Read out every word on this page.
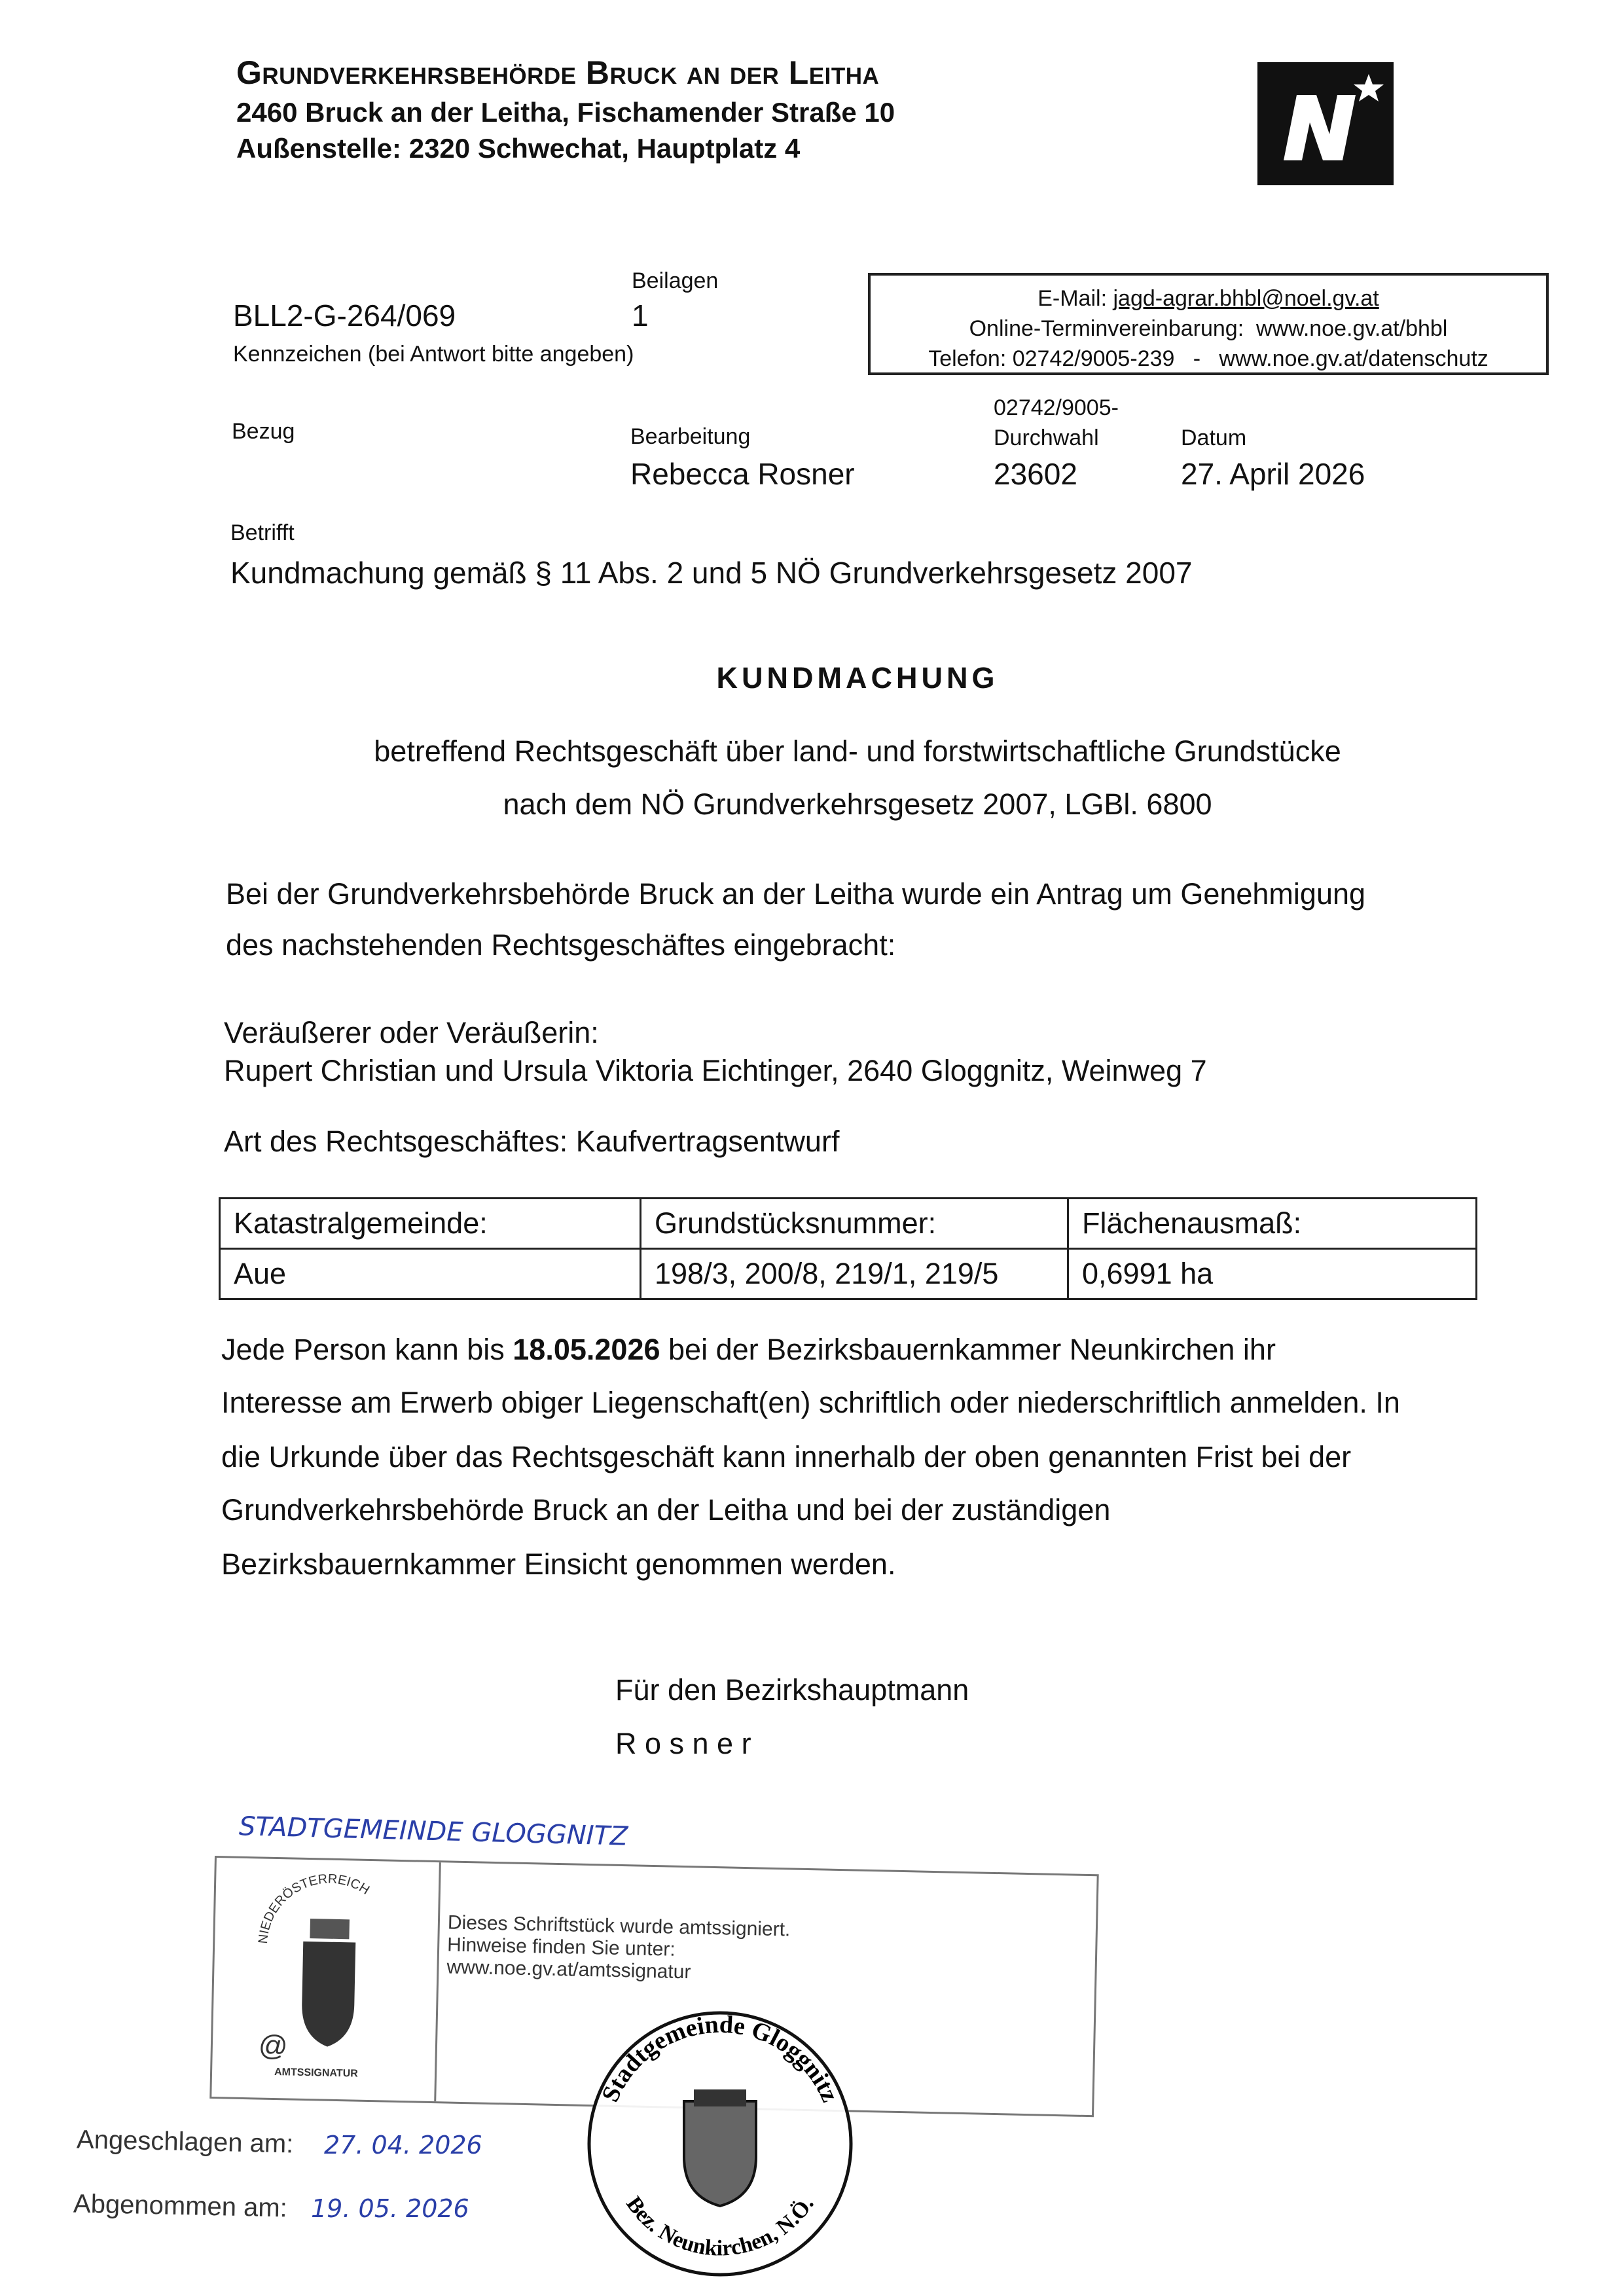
Grundverkehrsbehörde Bruck an der Leitha
2460 Bruck an der Leitha, Fischamender Straße 10
Außenstelle: 2320 Schwechat, Hauptplatz 4
Beilagen
1
BLL2-G-264/069
Kennzeichen (bei Antwort bitte angeben)
E-Mail: jagd-agrar.bhbl@noel.gv.at
Online-Terminvereinbarung:  www.noe.gv.at/bhbl
Telefon: 02742/9005-239   -   www.noe.gv.at/datenschutz
Bezug	Bearbeitung
Rebecca Rosner
02742/9005-
Durchwahl
23602
Datum
27. April 2026
Betrifft
Kundmachung gemäß § 11 Abs. 2 und 5 NÖ Grundverkehrsgesetz 2007
KUNDMACHUNG
betreffend Rechtsgeschäft über land- und forstwirtschaftliche Grundstücke
nach dem NÖ Grundverkehrsgesetz 2007, LGBl. 6800
Bei der Grundverkehrsbehörde Bruck an der Leitha wurde ein Antrag um Genehmigung
des nachstehenden Rechtsgeschäftes eingebracht:
Veräußerer oder Veräußerin:
Rupert Christian und Ursula Viktoria Eichtinger, 2640 Gloggnitz, Weinweg 7
Art des Rechtsgeschäftes: Kaufvertragsentwurf
Katastralgemeinde:	Grundstücksnummer:	Flächenausmaß:
Aue	198/3, 200/8, 219/1, 219/5	0,6991 ha
Jede Person kann bis 18.05.2026 bei der Bezirksbauernkammer Neunkirchen ihr
Interesse am Erwerb obiger Liegenschaft(en) schriftlich oder niederschriftlich anmelden. In
die Urkunde über das Rechtsgeschäft kann innerhalb der oben genannten Frist bei der
Grundverkehrsbehörde Bruck an der Leitha und bei der zuständigen
Bezirksbauernkammer Einsicht genommen werden.
Für den Bezirkshauptmann
R o s n e r
STADTGEMEINDE GLOGGNITZ
NIEDERÖSTERREICH
@
AMTSSIGNATUR
Dieses Schriftstück wurde amtssigniert.
Hinweise finden Sie unter:
www.noe.gv.at/amtssignatur
Stadtgemeinde Gloggnitz
Bez. Neunkirchen, N.Ö.
Angeschlagen am: 27. 04. 2026
Abgenommen am: 19. 05. 2026
